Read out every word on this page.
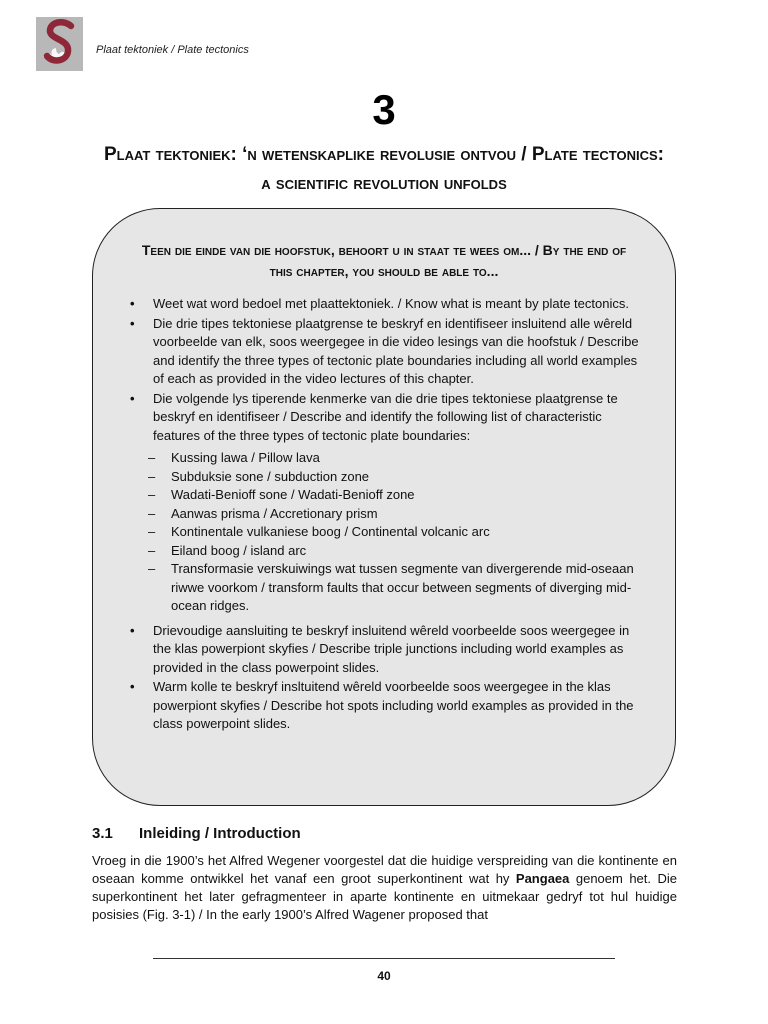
Plaat tektoniek / Plate tectonics
3
Plaat tektoniek: ‘n wetenskaplike revolusie ontvou / Plate tectonics: a scientific revolution unfolds
Teen die einde van die hoofstuk, behoort u in staat te wees om... / By the end of this chapter, you should be able to...
• Weet wat word bedoel met plaattektoniek. / Know what is meant by plate tectonics.
• Die drie tipes tektoniese plaatgrense te beskryf en identifiseer insluitend alle wêreld voorbeelde van elk, soos weergegee in die video lesings van die hoofstuk / Describe and identify the three types of tectonic plate boundaries including all world examples of each as provided in the video lectures of this chapter.
• Die volgende lys tiperende kenmerke van die drie tipes tektoniese plaatgrense te beskryf en identifiseer / Describe and identify the following list of characteristic features of the three types of tectonic plate boundaries:
– Kussing lawa / Pillow lava
– Subduksie sone / subduction zone
– Wadati-Benioff sone / Wadati-Benioff zone
– Aanwas prisma / Accretionary prism
– Kontinentale vulkaniese boog / Continental volcanic arc
– Eiland boog / island arc
– Transformasie verskuiwings wat tussen segmente van divergerende mid-oseaan riwwe voorkom / transform faults that occur between segments of diverging mid-ocean ridges.
• Drievoudige aansluiting te beskryf insluitend wêreld voorbeelde soos weergegee in the klas powerpiont skyfies / Describe triple junctions including world examples as provided in the class powerpoint slides.
• Warm kolle te beskryf insltuitend wêreld voorbeelde soos weergegee in the klas powerpiont skyfies / Describe hot spots including world examples as provided in the class powerpoint slides.
3.1 Inleiding / Introduction

Vroeg in die 1900’s het Alfred Wegener voorgestel dat die huidige verspreiding van die kontinente en oseaan komme ontwikkel het vanaf een groot superkontinent wat hy Pangaea genoem het. Die superkontinent het later gefragmenteer in aparte kontinente en uitmekaar gedryf tot hul huidige posisies (Fig. 3-1) / In the early 1900’s Alfred Wagener proposed that

40
